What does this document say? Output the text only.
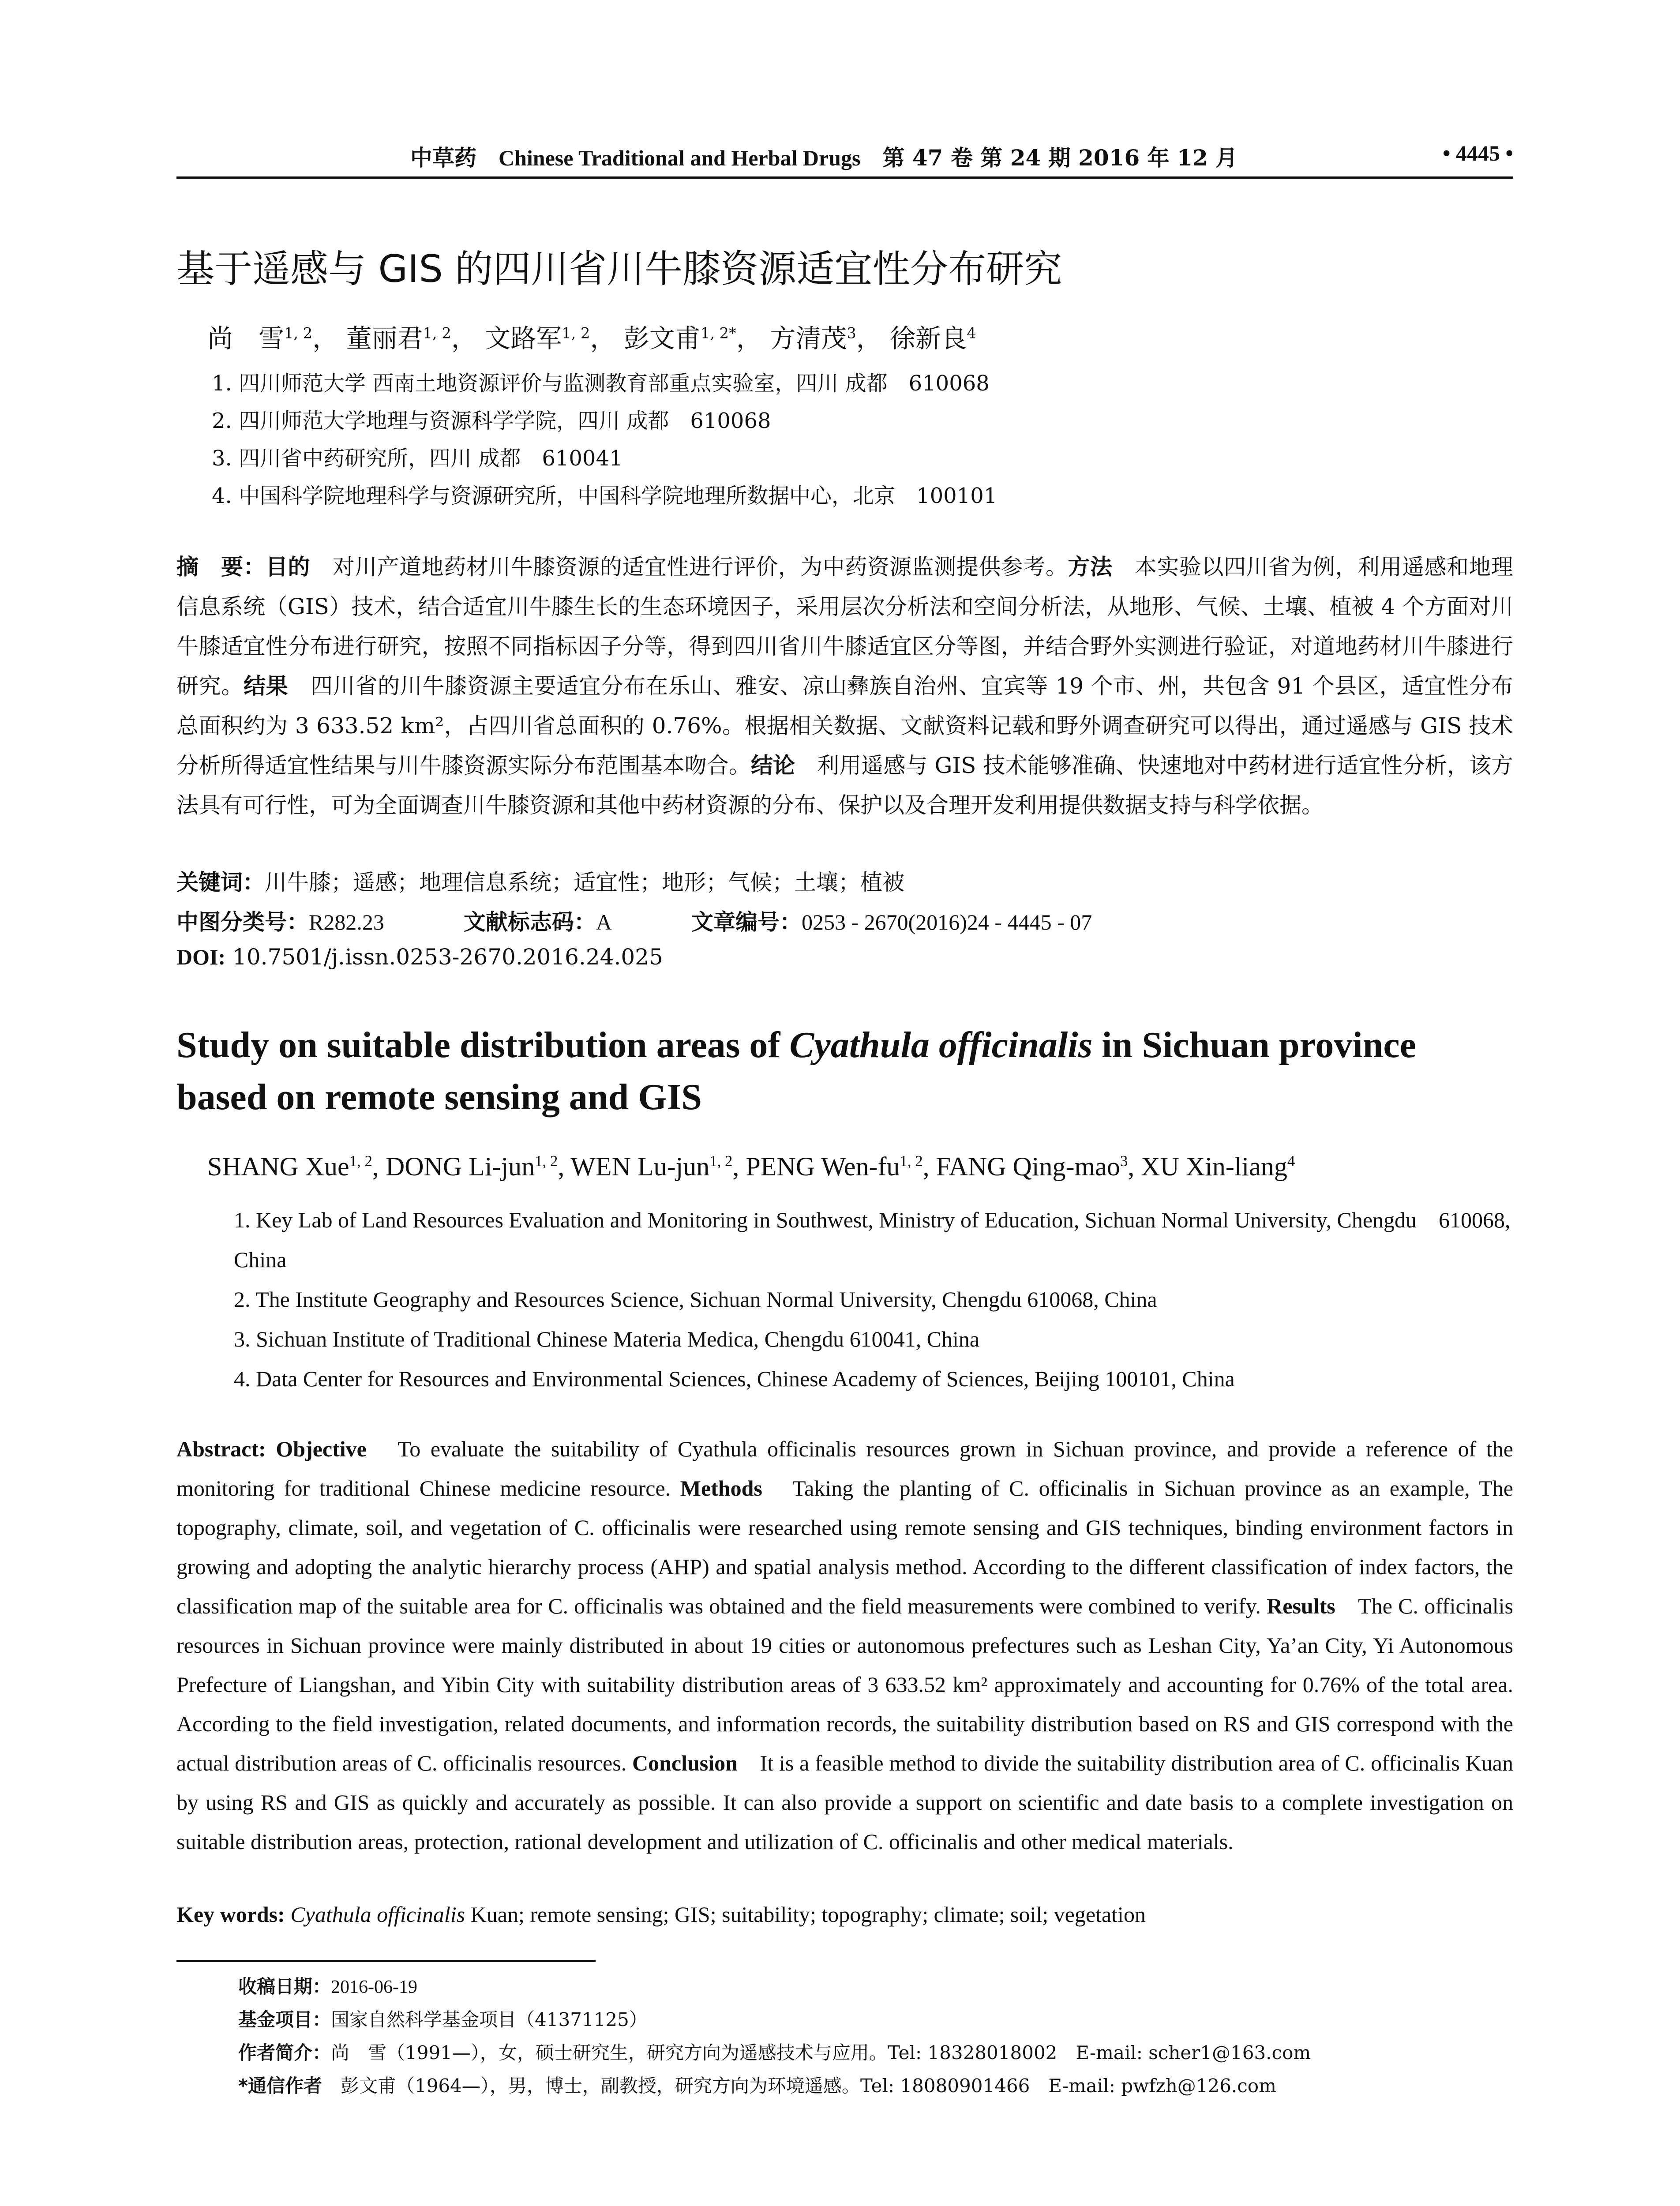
中草药 Chinese Traditional and Herbal Drugs 第 47 卷 第 24 期 2016 年 12 月	• 4445 •
基于遥感与 GIS 的四川省川牛膝资源适宜性分布研究
尚　雪$^{1, 2}$， 董丽君$^{1, 2}$， 文路军$^{1, 2}$， 彭文甫$^{1, 2*}$， 方清茂$^3$， 徐新良$^4$
1. 四川师范大学 西南土地资源评价与监测教育部重点实验室，四川 成都　610068
2. 四川师范大学地理与资源科学学院，四川 成都　610068
3. 四川省中药研究所，四川 成都　610041
4. 中国科学院地理科学与资源研究所，中国科学院地理所数据中心，北京　100101
摘　要：目的　对川产道地药材川牛膝资源的适宜性进行评价，为中药资源监测提供参考。方法　本实验以四川省为例，利用遥感和地理信息系统（GIS）技术，结合适宜川牛膝生长的生态环境因子，采用层次分析法和空间分析法，从地形、气候、土壤、植被 4 个方面对川牛膝适宜性分布进行研究，按照不同指标因子分等，得到四川省川牛膝适宜区分等图，并结合野外实测进行验证，对道地药材川牛膝进行研究。结果　四川省的川牛膝资源主要适宜分布在乐山、雅安、凉山彝族自治州、宜宾等 19 个市、州，共包含 91 个县区，适宜性分布总面积约为 3 633.52 km²，占四川省总面积的 0.76%。根据相关数据、文献资料记载和野外调查研究可以得出，通过遥感与 GIS 技术分析所得适宜性结果与川牛膝资源实际分布范围基本吻合。结论　利用遥感与 GIS 技术能够准确、快速地对中药材进行适宜性分析，该方法具有可行性，可为全面调查川牛膝资源和其他中药材资源的分布、保护以及合理开发利用提供数据支持与科学依据。
关键词：川牛膝；遥感；地理信息系统；适宜性；地形；气候；土壤；植被
中图分类号：R282.23	文献标志码：A	文章编号：0253 - 2670(2016)24 - 4445 - 07
DOI: 10.7501/j.issn.0253-2670.2016.24.025
Study on suitable distribution areas of Cyathula officinalis in Sichuan province based on remote sensing and GIS
SHANG Xue$^{1, 2}$, DONG Li-jun$^{1, 2}$, WEN Lu-jun$^{1, 2}$, PENG Wen-fu$^{1, 2}$, FANG Qing-mao$^3$, XU Xin-liang$^4$
1. Key Lab of Land Resources Evaluation and Monitoring in Southwest, Ministry of Education, Sichuan Normal University, Chengdu　610068, China
2. The Institute Geography and Resources Science, Sichuan Normal University, Chengdu 610068, China
3. Sichuan Institute of Traditional Chinese Materia Medica, Chengdu 610041, China
4. Data Center for Resources and Environmental Sciences, Chinese Academy of Sciences, Beijing 100101, China
Abstract: Objective　To evaluate the suitability of Cyathula officinalis resources grown in Sichuan province, and provide a reference of the monitoring for traditional Chinese medicine resource. Methods　Taking the planting of C. officinalis in Sichuan province as an example, The topography, climate, soil, and vegetation of C. officinalis were researched using remote sensing and GIS techniques, binding environment factors in growing and adopting the analytic hierarchy process (AHP) and spatial analysis method. According to the different classification of index factors, the classification map of the suitable area for C. officinalis was obtained and the field measurements were combined to verify. Results　The C. officinalis resources in Sichuan province were mainly distributed in about 19 cities or autonomous prefectures such as Leshan City, Ya’an City, Yi Autonomous Prefecture of Liangshan, and Yibin City with suitability distribution areas of 3 633.52 km² approximately and accounting for 0.76% of the total area. According to the field investigation, related documents, and information records, the suitability distribution based on RS and GIS correspond with the actual distribution areas of C. officinalis resources. Conclusion　It is a feasible method to divide the suitability distribution area of C. officinalis Kuan by using RS and GIS as quickly and accurately as possible. It can also provide a support on scientific and date basis to a complete investigation on suitable distribution areas, protection, rational development and utilization of C. officinalis and other medical materials.
Key words: Cyathula officinalis Kuan; remote sensing; GIS; suitability; topography; climate; soil; vegetation
收稿日期：2016-06-19
基金项目：国家自然科学基金项目（41371125）
作者简介：尚　雪（1991—），女，硕士研究生，研究方向为遥感技术与应用。Tel: 18328018002　E-mail: scher1@163.com
*通信作者　彭文甫（1964—），男，博士，副教授，研究方向为环境遥感。Tel: 18080901466　E-mail: pwfzh@126.com
